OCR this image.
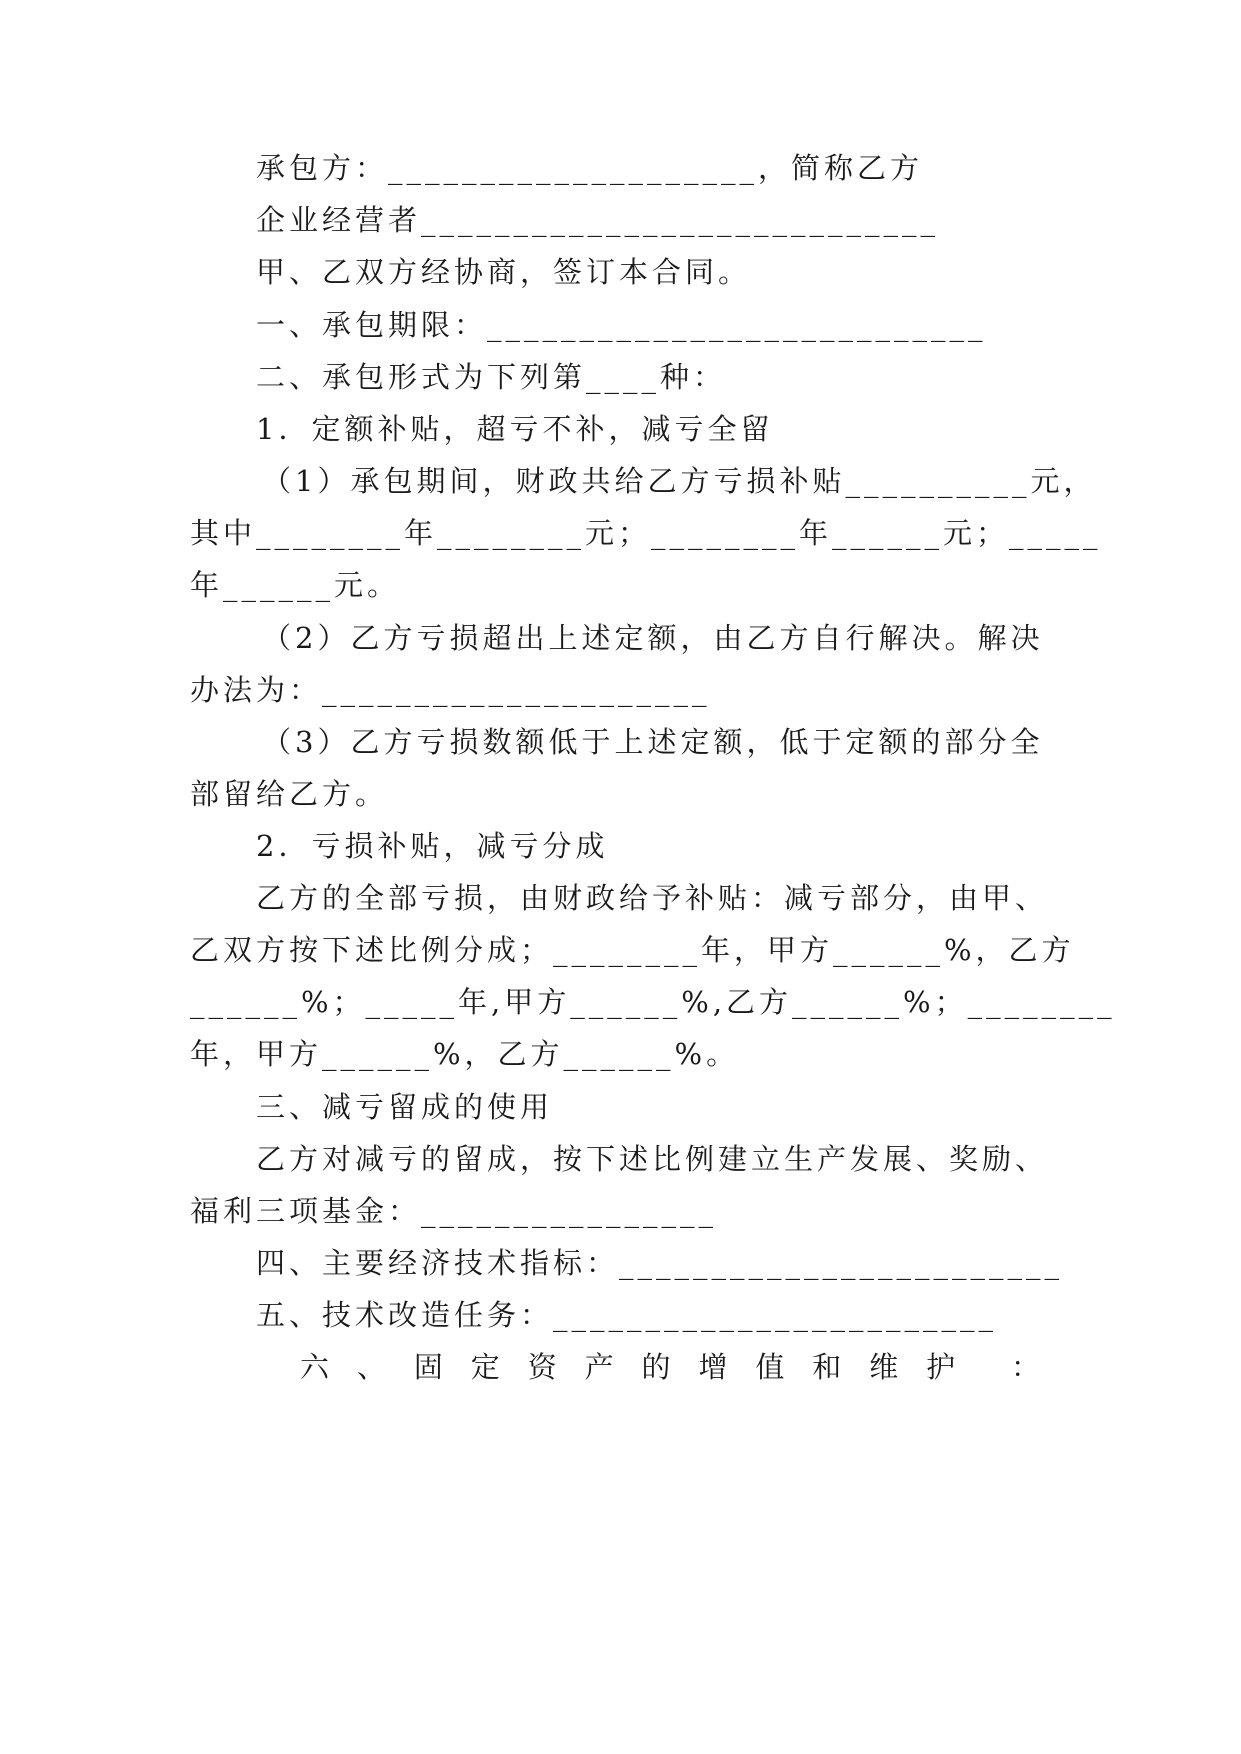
承包方：____________________，简称乙方
企业经营者____________________________
甲、乙双方经协商，签订本合同。
一、承包期限：___________________________
二、承包形式为下列第____种：
1．定额补贴，超亏不补，减亏全留
（1）承包期间，财政共给乙方亏损补贴__________元，
其中________年________元；________年______元；_____
年______元。
（2）乙方亏损超出上述定额，由乙方自行解决。解决
办法为：_____________________
（3）乙方亏损数额低于上述定额，低于定额的部分全
部留给乙方。
2．亏损补贴，减亏分成
乙方的全部亏损，由财政给予补贴：减亏部分，由甲、
乙双方按下述比例分成；________年，甲方______%，乙方
______%；_____年,甲方______%,乙方______%；________
年，甲方______%，乙方______%。
三、减亏留成的使用
乙方对减亏的留成，按下述比例建立生产发展、奖励、
福利三项基金：________________
四、主要经济技术指标：________________________
五、技术改造任务：________________________
六 、 固 定 资 产 的 增 值 和 维 护 ：
